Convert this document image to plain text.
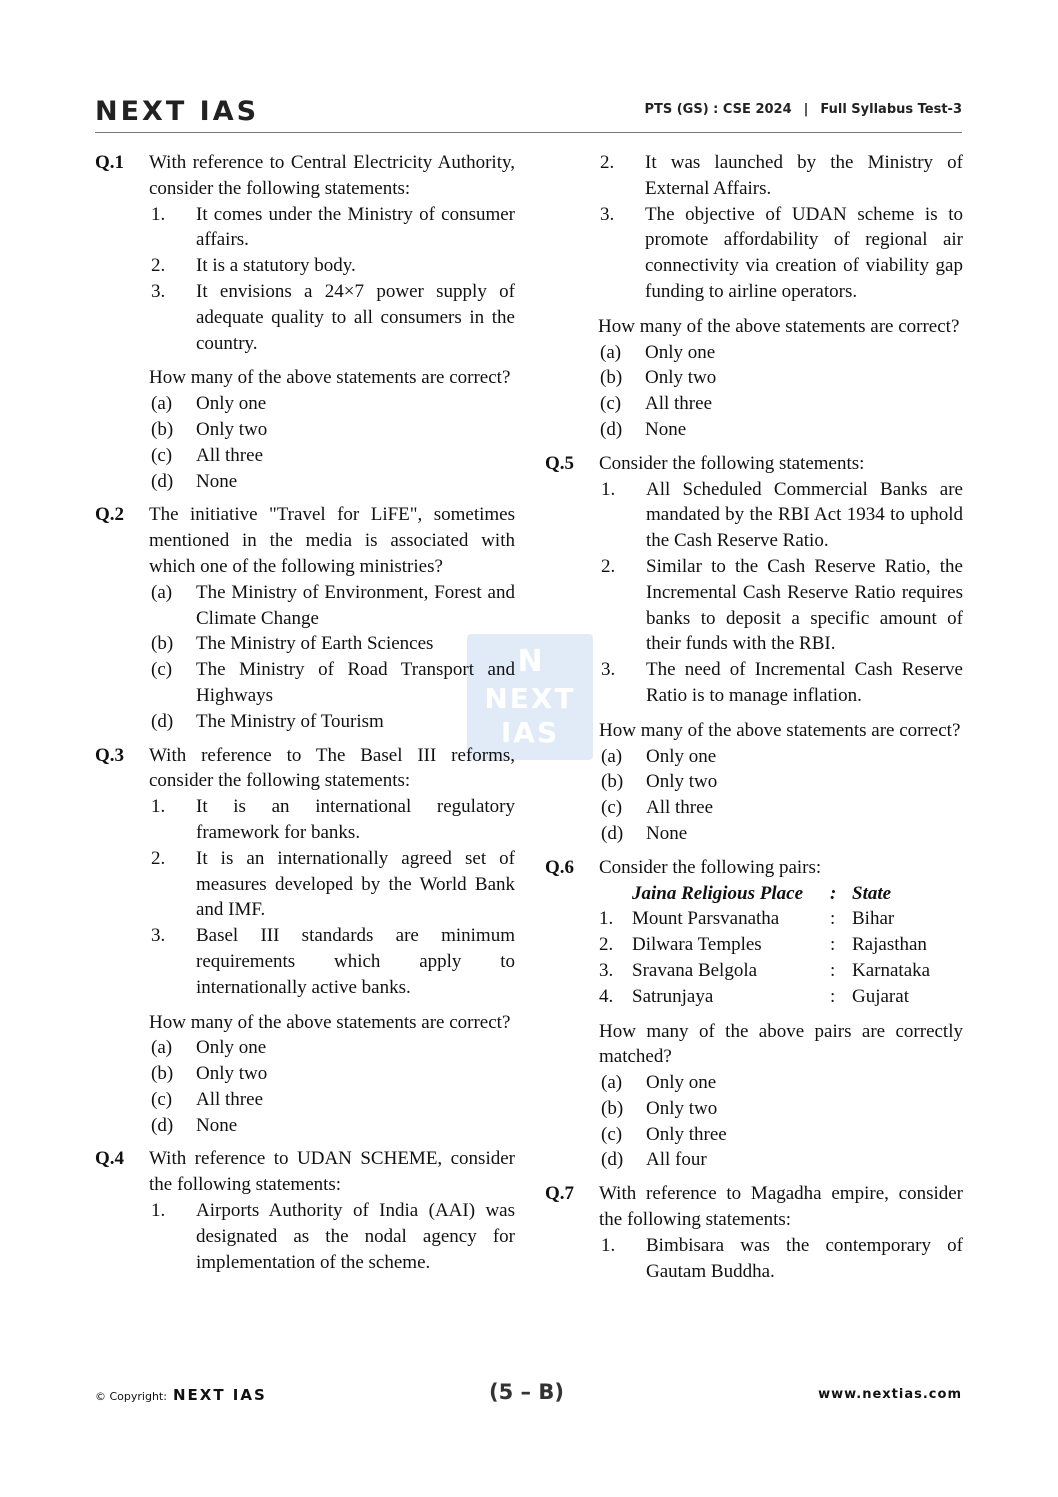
NEXT IAS	PTS (GS) : CSE 2024 | Full Syllabus Test-3
N
NEXT
IAS
Q.1 With reference to Central Electricity Authority, consider the following statements:
1. It comes under the Ministry of consumer affairs.
2. It is a statutory body.
3. It envisions a 24×7 power supply of adequate quality to all consumers in the country.
How many of the above statements are correct?
(a) Only one
(b) Only two
(c) All three
(d) None
Q.2 The initiative "Travel for LiFE", sometimes mentioned in the media is associated with which one of the following ministries?
(a) The Ministry of Environment, Forest and Climate Change
(b) The Ministry of Earth Sciences
(c) The Ministry of Road Transport and Highways
(d) The Ministry of Tourism
Q.3 With reference to The Basel III reforms, consider the following statements:
1. It is an international regulatory framework for banks.
2. It is an internationally agreed set of measures developed by the World Bank and IMF.
3. Basel III standards are minimum requirements which apply to internationally active banks.
How many of the above statements are correct?
(a) Only one
(b) Only two
(c) All three
(d) None
Q.4 With reference to UDAN SCHEME, consider the following statements:
1. Airports Authority of India (AAI) was designated as the nodal agency for implementation of the scheme.
2. It was launched by the Ministry of External Affairs.
3. The objective of UDAN scheme is to promote affordability of regional air connectivity via creation of viability gap funding to airline operators.
How many of the above statements are correct?
(a) Only one
(b) Only two
(c) All three
(d) None
Q.5 Consider the following statements:
1. All Scheduled Commercial Banks are mandated by the RBI Act 1934 to uphold the Cash Reserve Ratio.
2. Similar to the Cash Reserve Ratio, the Incremental Cash Reserve Ratio requires banks to deposit a specific amount of their funds with the RBI.
3. The need of Incremental Cash Reserve Ratio is to manage inflation.
How many of the above statements are correct?
(a) Only one
(b) Only two
(c) All three
(d) None
Q.6 Consider the following pairs:
	Jaina Religious Place	:	State
1.	Mount Parsvanatha	:	Bihar
2.	Dilwara Temples	:	Rajasthan
3.	Sravana Belgola	:	Karnataka
4.	Satrunjaya	:	Gujarat
How many of the above pairs are correctly matched?
(a) Only one
(b) Only two
(c) Only three
(d) All four
Q.7 With reference to Magadha empire, consider the following statements:
1. Bimbisara was the contemporary of Gautam Buddha.
© Copyright: NEXT IAS	(5 – B)	www.nextias.com
